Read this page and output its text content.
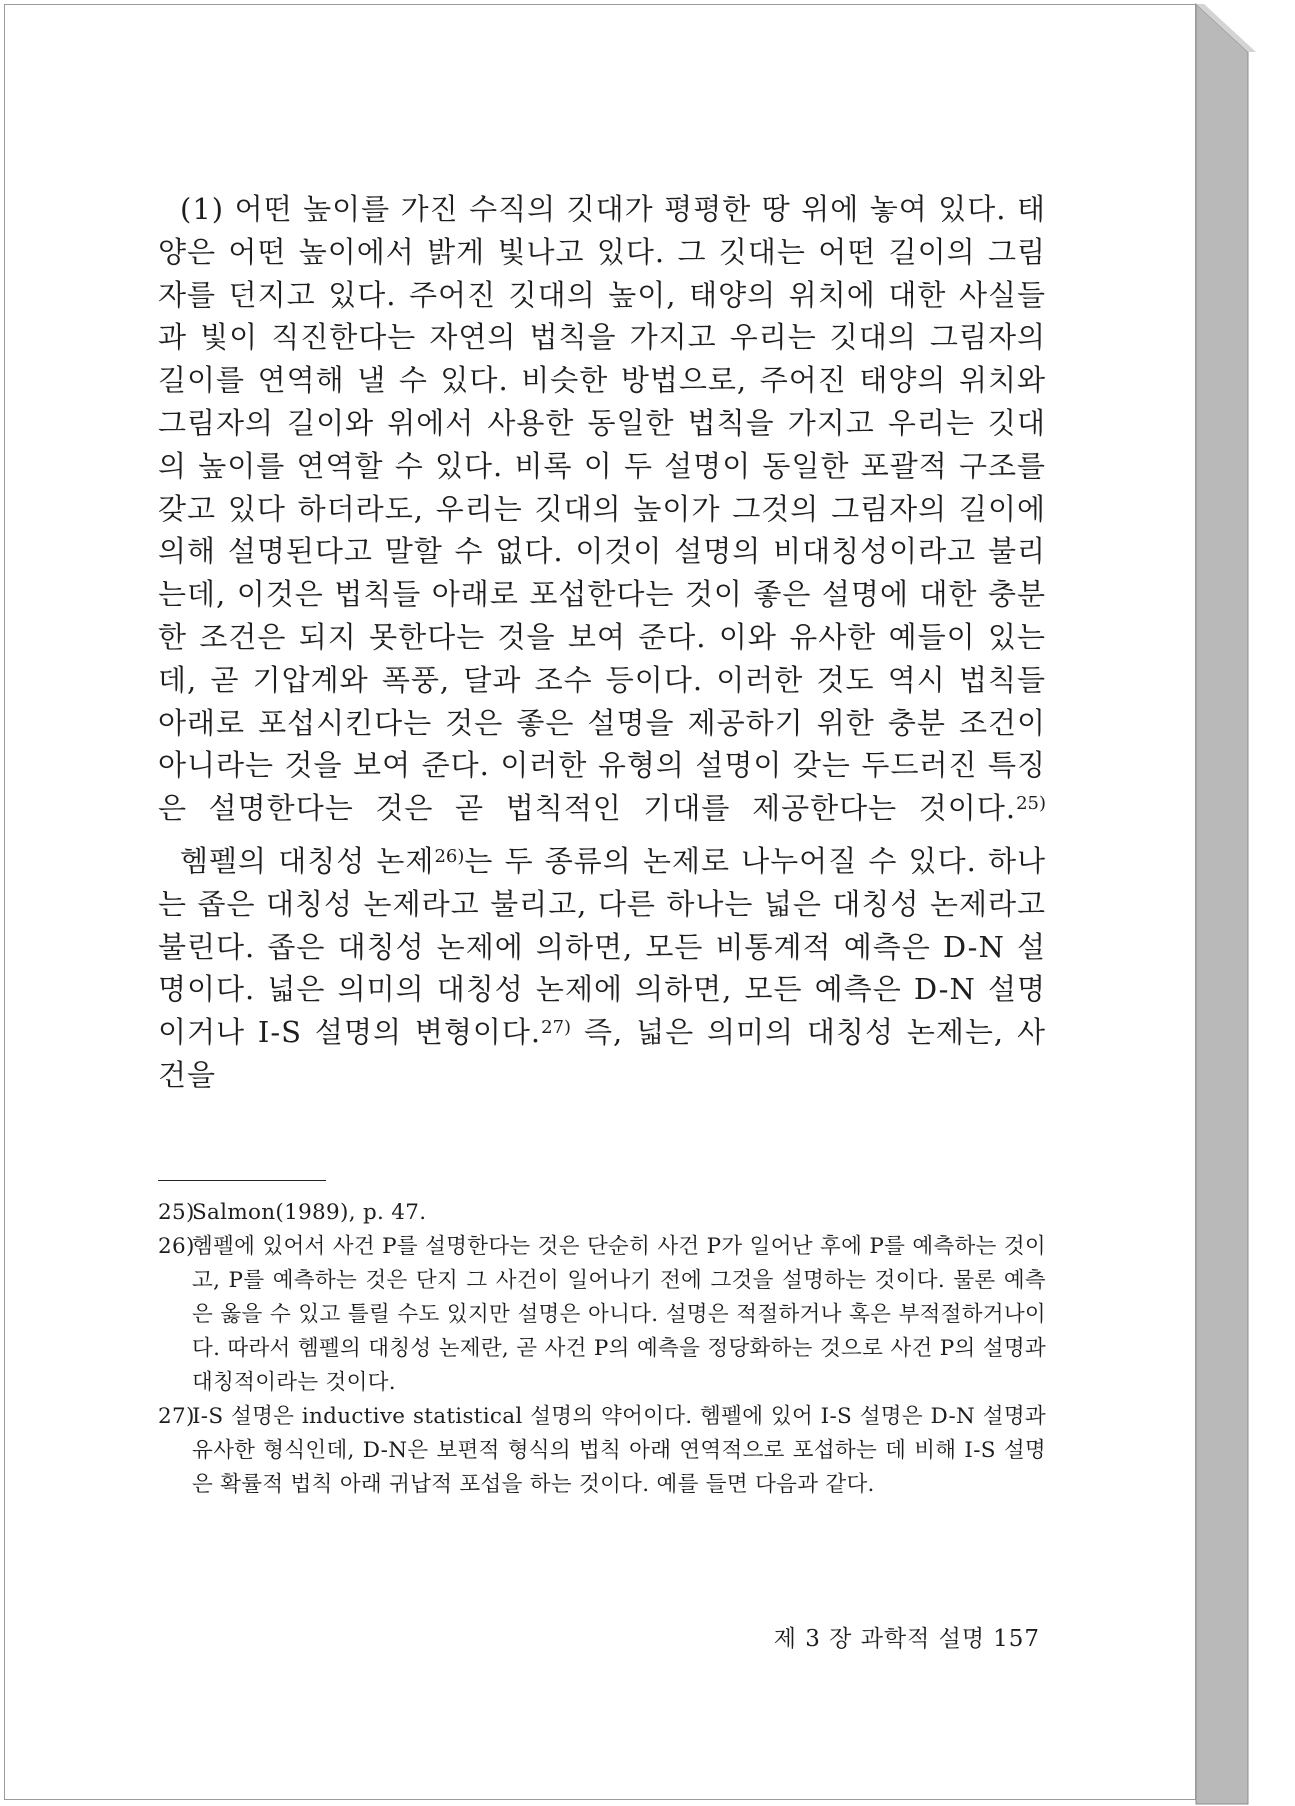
(1) 어떤 높이를 가진 수직의 깃대가 평평한 땅 위에 놓여 있다. 태양은 어떤 높이에서 밝게 빛나고 있다. 그 깃대는 어떤 길이의 그림자를 던지고 있다. 주어진 깃대의 높이, 태양의 위치에 대한 사실들과 빛이 직진한다는 자연의 법칙을 가지고 우리는 깃대의 그림자의 길이를 연역해 낼 수 있다. 비슷한 방법으로, 주어진 태양의 위치와 그림자의 길이와 위에서 사용한 동일한 법칙을 가지고 우리는 깃대의 높이를 연역할 수 있다. 비록 이 두 설명이 동일한 포괄적 구조를 갖고 있다 하더라도, 우리는 깃대의 높이가 그것의 그림자의 길이에 의해 설명된다고 말할 수 없다. 이것이 설명의 비대칭성이라고 불리는데, 이것은 법칙들 아래로 포섭한다는 것이 좋은 설명에 대한 충분한 조건은 되지 못한다는 것을 보여 준다. 이와 유사한 예들이 있는데, 곧 기압계와 폭풍, 달과 조수 등이다. 이러한 것도 역시 법칙들 아래로 포섭시킨다는 것은 좋은 설명을 제공하기 위한 충분 조건이 아니라는 것을 보여 준다. 이러한 유형의 설명이 갖는 두드러진 특징은 설명한다는 것은 곧 법칙적인 기대를 제공한다는 것이다.$^{25)}$

헴펠의 대칭성 논제$^{26)}$는 두 종류의 논제로 나누어질 수 있다. 하나는 좁은 대칭성 논제라고 불리고, 다른 하나는 넓은 대칭성 논제라고 불린다. 좁은 대칭성 논제에 의하면, 모든 비통계적 예측은 D-N 설명이다. 넓은 의미의 대칭성 논제에 의하면, 모든 예측은 D-N 설명이거나 I-S 설명의 변형이다.$^{27)}$ 즉, 넓은 의미의 대칭성 논제는, 사건을

25)
Salmon(1989), p. 47.

26)
헴펠에 있어서 사건 P를 설명한다는 것은 단순히 사건 P가 일어난 후에 P를 예측하는 것이고, P를 예측하는 것은 단지 그 사건이 일어나기 전에 그것을 설명하는 것이다. 물론 예측은 옳을 수 있고 틀릴 수도 있지만 설명은 아니다. 설명은 적절하거나 혹은 부적절하거나이다. 따라서 헴펠의 대칭성 논제란, 곧 사건 P의 예측을 정당화하는 것으로 사건 P의 설명과 대칭적이라는 것이다.

27)
I-S 설명은 inductive statistical 설명의 약어이다. 헴펠에 있어 I-S 설명은 D-N 설명과 유사한 형식인데, D-N은 보편적 형식의 법칙 아래 연역적으로 포섭하는 데 비해 I-S 설명은 확률적 법칙 아래 귀납적 포섭을 하는 것이다. 예를 들면 다음과 같다.

제 3 장 과학적 설명 157
